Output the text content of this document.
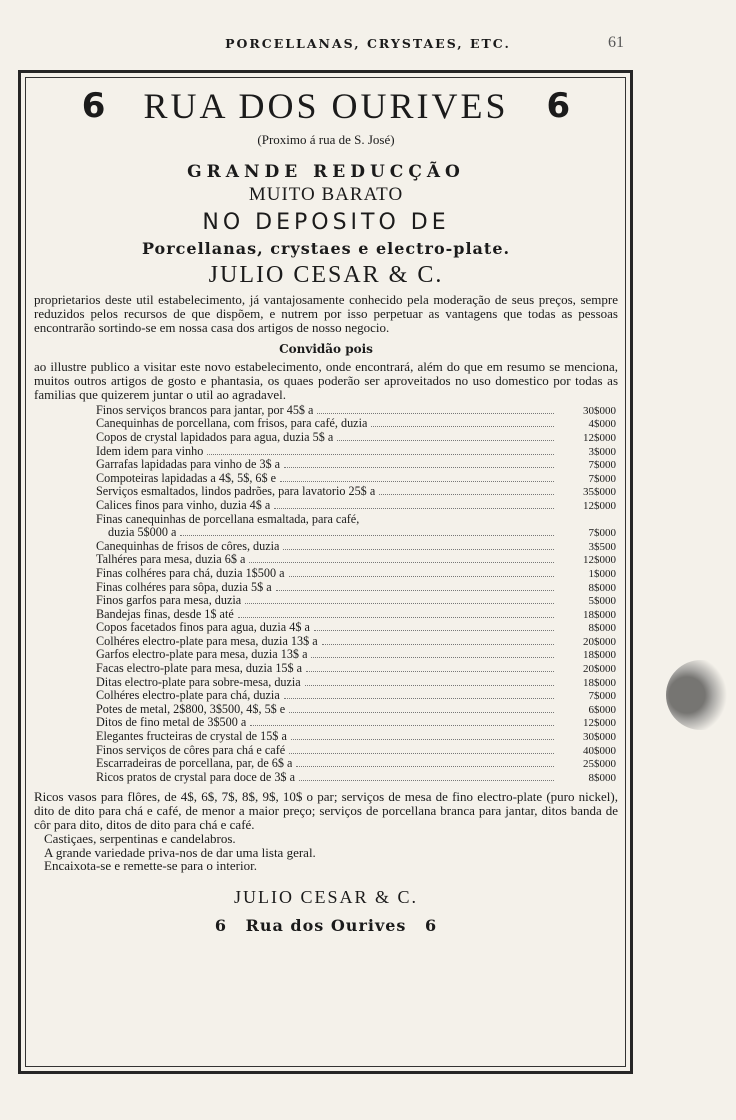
PORCELLANAS, CRYSTAES, ETC.	61
6 RUA DOS OURIVES 6
(Proximo á rua de S. José)
GRANDE REDUCÇÃO
MUITO BARATO
NO DEPOSITO DE
Porcellanas, crystaes e electro-plate.
JULIO CESAR & C.
proprietarios deste util estabelecimento, já vantajosamente conhecido pela moderação de seus preços, sempre reduzidos pelos recursos de que dispõem, e nutrem por isso perpetuar as vantagens que todas as pessoas encontrarão sortindo-se em nossa casa dos artigos de nosso negocio.
Convidão pois
ao illustre publico a visitar este novo estabelecimento, onde encontrará, além do que em resumo se menciona, muitos outros artigos de gosto e phantasia, os quaes poderão ser aproveitados no uso domestico por todas as familias que quizerem juntar o util ao agradavel.
Finos serviços brancos para jantar, por 45$ a	30$000
Canequinhas de porcellana, com frisos, para café, duzia	4$000
Copos de crystal lapidados para agua, duzia 5$ a	12$000
Idem idem para vinho	3$000
Garrafas lapidadas para vinho de 3$ a	7$000
Compoteiras lapidadas a 4$, 5$, 6$ e	7$000
Serviços esmaltados, lindos padrões, para lavatorio 25$ a	35$000
Calices finos para vinho, duzia 4$ a	12$000
Finas canequinhas de porcellana esmaltada, para café,
duzia 5$000 a	7$000
Canequinhas de frisos de côres, duzia	3$500
Talhéres para mesa, duzia 6$ a	12$000
Finas colhéres para chá, duzia 1$500 a	1$000
Finas colhéres para sôpa, duzia 5$ a	8$000
Finos garfos para mesa, duzia	5$000
Bandejas finas, desde 1$ até	18$000
Copos facetados finos para agua, duzia 4$ a	8$000
Colhéres electro-plate para mesa, duzia 13$ a	20$000
Garfos electro-plate para mesa, duzia 13$ a	18$000
Facas electro-plate para mesa, duzia 15$ a	20$000
Ditas electro-plate para sobre-mesa, duzia	18$000
Colhéres electro-plate para chá, duzia	7$000
Potes de metal, 2$800, 3$500, 4$, 5$ e	6$000
Ditos de fino metal de 3$500 a	12$000
Elegantes fructeiras de crystal de 15$ a	30$000
Finos serviços de côres para chá e café	40$000
Escarradeiras de porcellana, par, de 6$ a	25$000
Ricos pratos de crystal para doce de 3$ a	8$000
Ricos vasos para flôres, de 4$, 6$, 7$, 8$, 9$, 10$ o par; serviços de mesa de fino electro-plate (puro nickel), dito de dito para chá e café, de menor a maior preço; serviços de porcellana branca para jantar, ditos banda de côr para dito, ditos de dito para chá e café.
Castiçaes, serpentinas e candelabros.
A grande variedade priva-nos de dar uma lista geral.
Encaixota-se e remette-se para o interior.
JULIO CESAR & C.
6 Rua dos Ourives 6
